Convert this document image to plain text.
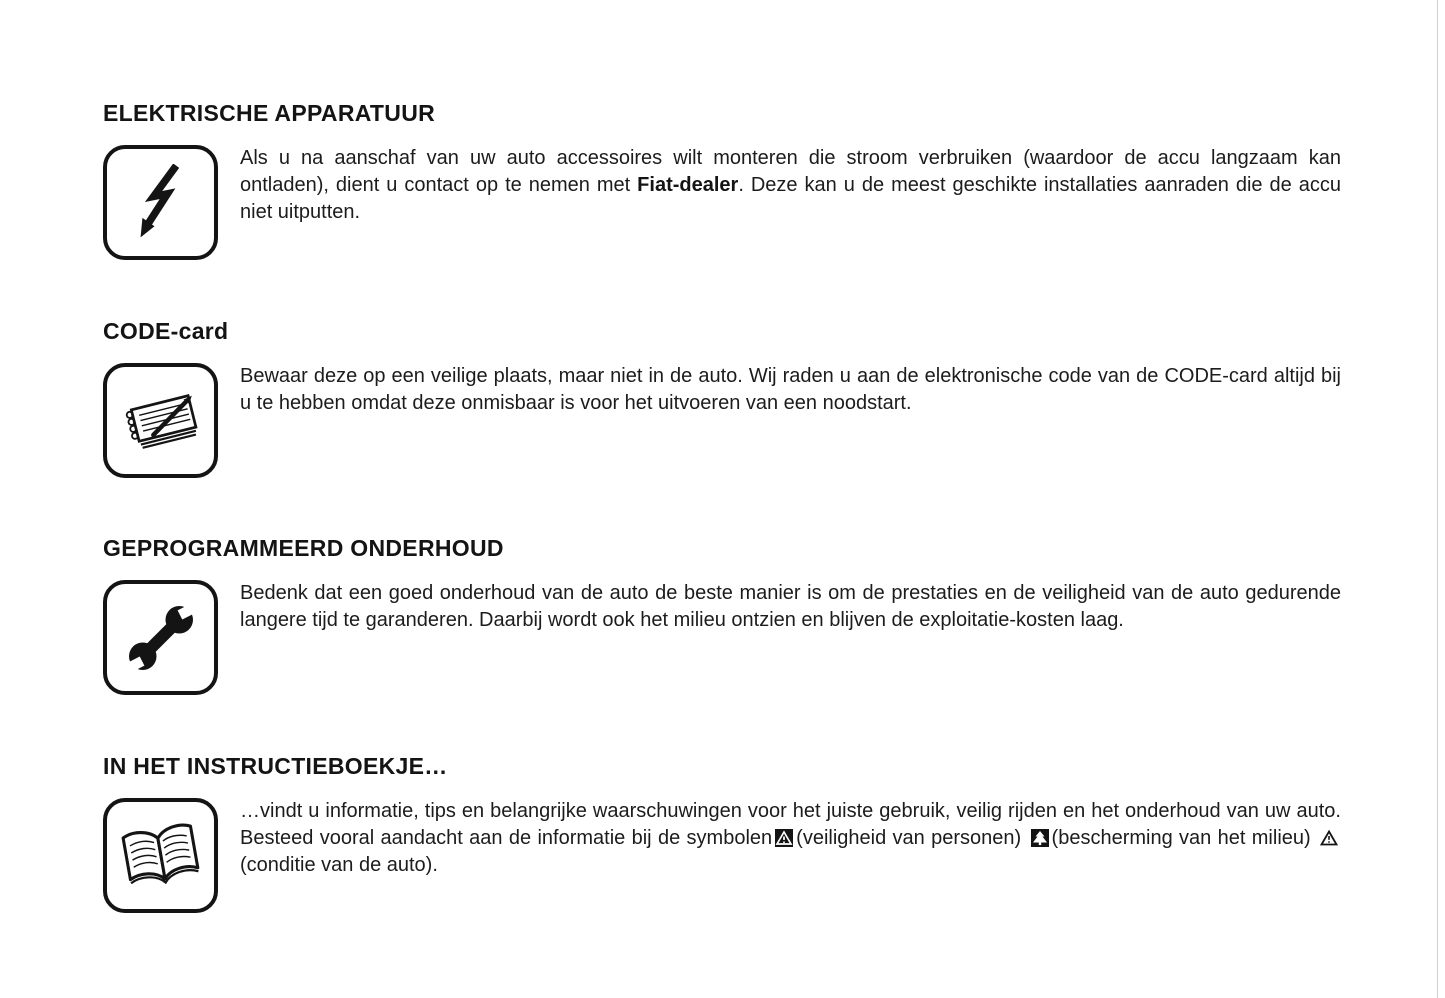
ELEKTRISCHE APPARATUUR

Als u na aanschaf van uw auto accessoires wilt monteren die stroom verbruiken (waardoor de accu langzaam kan ontladen), dient u contact op te nemen met Fiat-dealer. Deze kan u de meest geschikte installaties aanraden die de accu niet uitputten.

CODE-card

Bewaar deze op een veilige plaats, maar niet in de auto. Wij raden u aan de elektronische code van de CODE-card altijd bij u te hebben omdat deze onmisbaar is voor het uitvoeren van een noodstart.

GEPROGRAMMEERD ONDERHOUD

Bedenk dat een goed onderhoud van de auto de beste manier is om de prestaties en de veiligheid van de auto gedurende langere tijd te garanderen. Daarbij wordt ook het milieu ontzien en blijven de exploitatie-kosten laag.

IN HET INSTRUCTIEBOEKJE…

…vindt u informatie, tips en belangrijke waarschuwingen voor het juiste gebruik, veilig rijden en het onderhoud van uw auto. Besteed vooral aandacht aan de informatie bij de symbolen (veiligheid van personen) (bescherming van het milieu)
(conditie van de auto).
